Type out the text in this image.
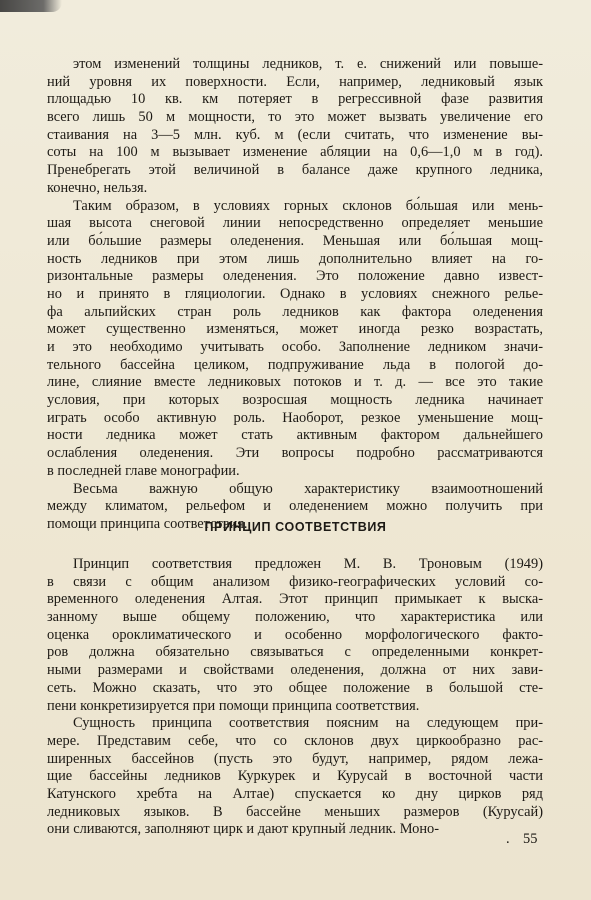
этом изменений толщины ледников, т. е. снижений или повыше-
ний уровня их поверхности. Если, например, ледниковый язык
площадью 10 кв. км потеряет в регрессивной фазе развития
всего лишь 50 м мощности, то это может вызвать увеличение его
стаивания на 3—5 млн. куб. м (если считать, что изменение вы-
соты на 100 м вызывает изменение абляции на 0,6—1,0 м в год).
Пренебрегать этой величиной в балансе даже крупного ледника,
конечно, нельзя.
Таким образом, в условиях горных склонов бо́льшая или мень-
шая высота снеговой линии непосредственно определяет меньшие
или бо́льшие размеры оледенения. Меньшая или бо́льшая мощ-
ность ледников при этом лишь дополнительно влияет на го-
ризонтальные размеры оледенения. Это положение давно извест-
но и принято в гляциологии. Однако в условиях снежного релье-
фа альпийских стран роль ледников как фактора оледенения
может существенно изменяться, может иногда резко возрастать,
и это необходимо учитывать особо. Заполнение ледником значи-
тельного бассейна целиком, подпруживание льда в пологой до-
лине, слияние вместе ледниковых потоков и т. д. — все это такие
условия, при которых возросшая мощность ледника начинает
играть особо активную роль. Наоборот, резкое уменьшение мощ-
ности ледника может стать активным фактором дальнейшего
ослабления оледенения. Эти вопросы подробно рассматриваются
в последней главе монографии.
Весьма важную общую характеристику взаимоотношений
между климатом, рельефом и оледенением можно получить при
помощи принципа соответствия.
ПРИНЦИП СООТВЕТСТВИЯ
Принцип соответствия предложен М. В. Троновым (1949)
в связи с общим анализом физико-географических условий со-
временного оледенения Алтая. Этот принцип примыкает к выска-
занному выше общему положению, что характеристика или
оценка ороклиматического и особенно морфологического факто-
ров должна обязательно связываться с определенными конкрет-
ными размерами и свойствами оледенения, должна от них зави-
сеть. Можно сказать, что это общее положение в большой сте-
пени конкретизируется при помощи принципа соответствия.
Сущность принципа соответствия поясним на следующем при-
мере. Представим себе, что со склонов двух циркообразно рас-
ширенных бассейнов (пусть это будут, например, рядом лежа-
щие бассейны ледников Куркурек и Курусай в восточной части
Катунского хребта на Алтае) спускается ко дну цирков ряд
ледниковых языков. В бассейне меньших размеров (Курусай)
они сливаются, заполняют цирк и дают крупный ледник. Моно-
. 55
